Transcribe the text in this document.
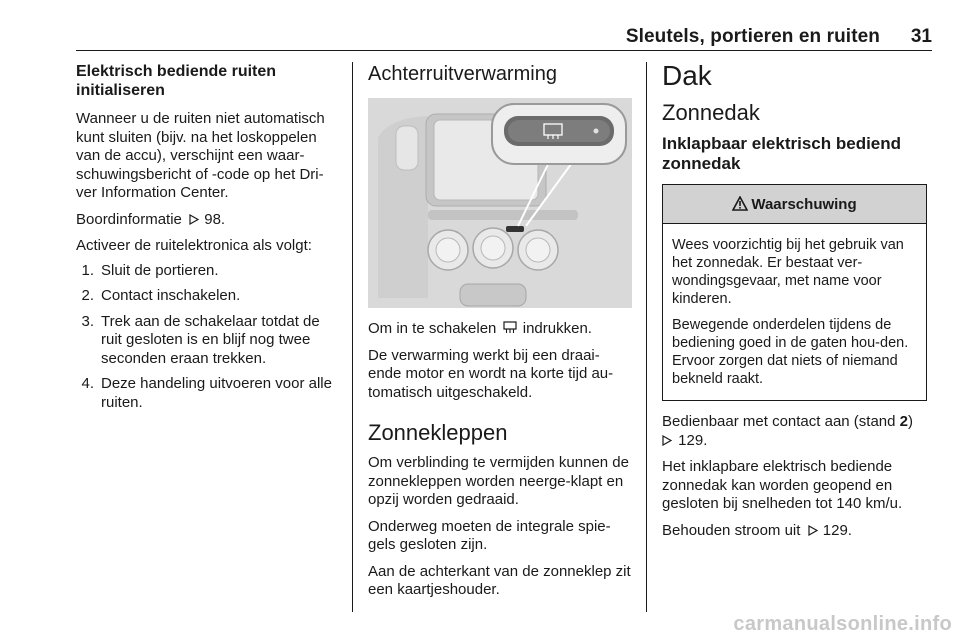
Sleutels, portieren en ruiten 31
Elektrisch bediende ruiten initialiseren

Wanneer u de ruiten niet automatisch kunt sluiten (bijv. na het loskoppelen van de accu), verschijnt een waar-schuwingsbericht of -code op het Dri-ver Information Center.

Boordinformatie 98.

Activeer de ruitelektronica als volgt:

1. Sluit de portieren.
2. Contact inschakelen.
3. Trek aan de schakelaar totdat de ruit gesloten is en blijf nog twee seconden eraan trekken.
4. Deze handeling uitvoeren voor alle ruiten.
Achterruitverwarming

Om in te schakelen indrukken.

De verwarming werkt bij een draai-ende motor en wordt na korte tijd au-tomatisch uitgeschakeld.

Zonnekleppen

Om verblinding te vermijden kunnen de zonnekleppen worden neerge-klapt en opzij worden gedraaid.

Onderweg moeten de integrale spie-gels gesloten zijn.

Aan de achterkant van de zonneklep zit een kaartjeshouder.

Dak
Zonnedak
Inklapbaar elektrisch bediend zonnedak
Waarschuwing

Wees voorzichtig bij het gebruik van het zonnedak. Er bestaat ver-wondingsgevaar, met name voor kinderen.

Bewegende onderdelen tijdens de bediening goed in de gaten hou-den. Ervoor zorgen dat niets of niemand bekneld raakt.

Bedienbaar met contact aan (stand 2)
129.

Het inklapbare elektrisch bediende zonnedak kan worden geopend en gesloten bij snelheden tot 140 km/u.

Behouden stroom uit 129.

carmanualsonline.info
